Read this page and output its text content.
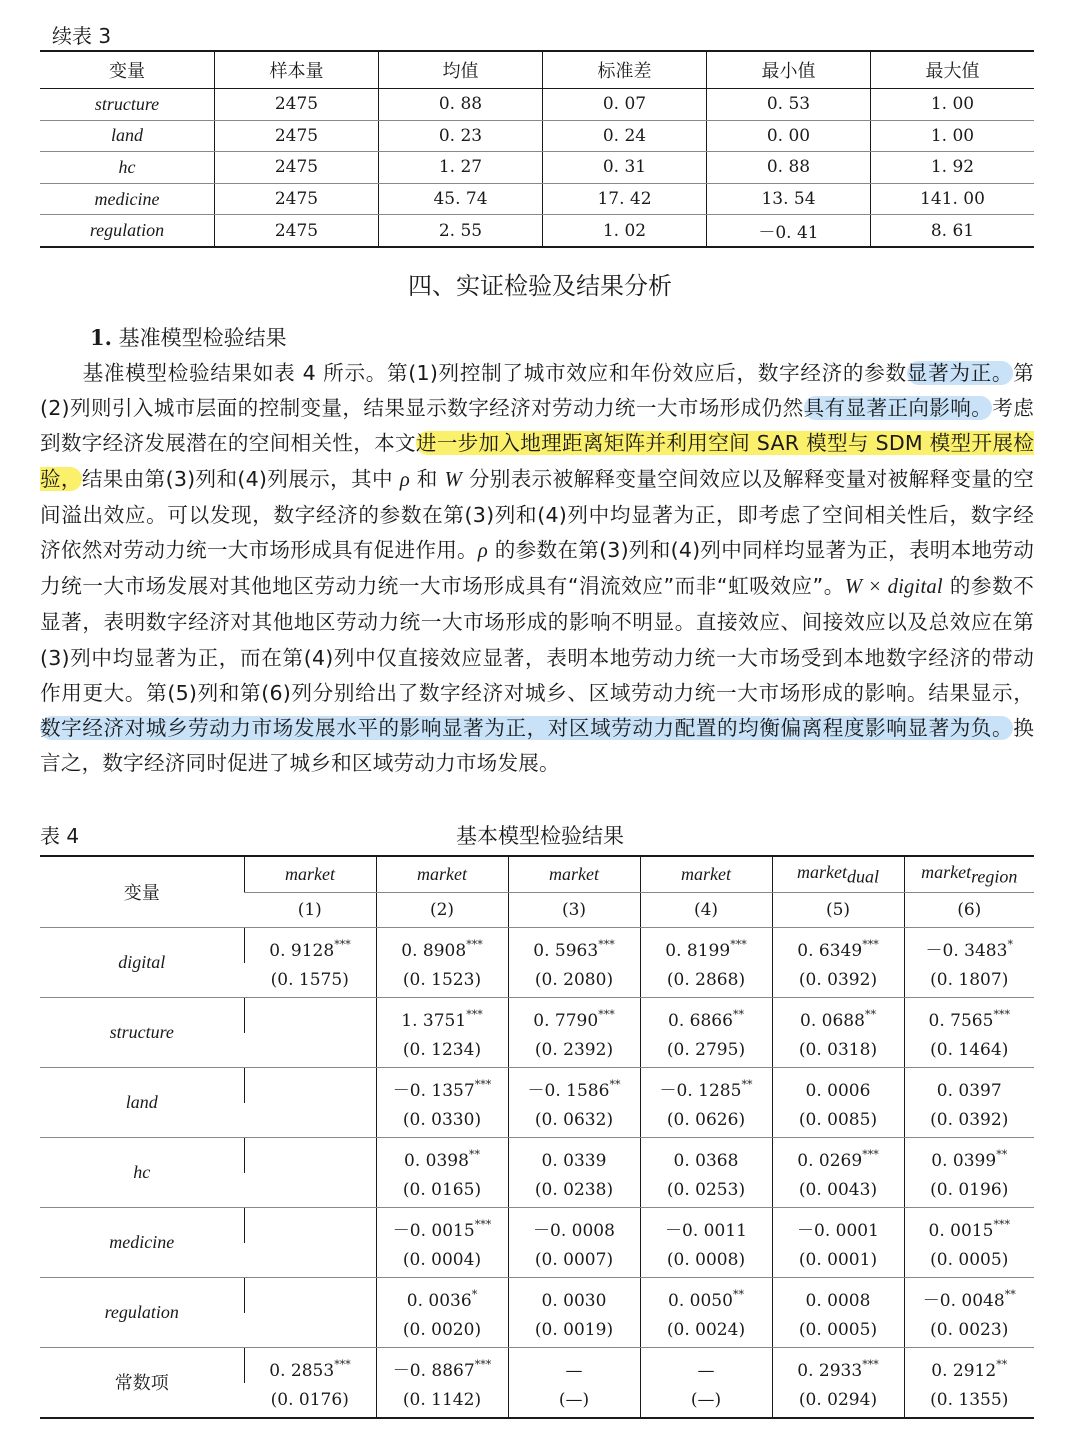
续表 3
变量	样本量	均值	标准差	最小值	最大值
structure	2475	0. 88	0. 07	0. 53	1. 00
land	2475	0. 23	0. 24	0. 00	1. 00
hc	2475	1. 27	0. 31	0. 88	1. 92
medicine	2475	45. 74	17. 42	13. 54	141. 00
regulation	2475	2. 55	1. 02	－0. 41	8. 61
四、实证检验及结果分析
1. 基准模型检验结果
　　基准模型检验结果如表 4 所示。第(1)列控制了城市效应和年份效应后，数字经济的参数显著为正。第(2)列则引入城市层面的控制变量，结果显示数字经济对劳动力统一大市场形成仍然具有显著正向影响。考虑到数字经济发展潜在的空间相关性，本文进一步加入地理距离矩阵并利用空间 SAR 模型与 SDM 模型开展检验，结果由第(3)列和(4)列展示，其中 ρ 和 W 分别表示被解释变量空间效应以及解释变量对被解释变量的空间溢出效应。可以发现，数字经济的参数在第(3)列和(4)列中均显著为正，即考虑了空间相关性后，数字经济依然对劳动力统一大市场形成具有促进作用。ρ 的参数在第(3)列和(4)列中同样均显著为正，表明本地劳动力统一大市场发展对其他地区劳动力统一大市场形成具有“涓流效应”而非“虹吸效应”。W × digital 的参数不显著，表明数字经济对其他地区劳动力统一大市场形成的影响不明显。直接效应、间接效应以及总效应在第(3)列中均显著为正，而在第(4)列中仅直接效应显著，表明本地劳动力统一大市场受到本地数字经济的带动作用更大。第(5)列和第(6)列分别给出了数字经济对城乡、区域劳动力统一大市场形成的影响。结果显示，数字经济对城乡劳动力市场发展水平的影响显著为正，对区域劳动力配置的均衡偏离程度影响显著为负。换言之，数字经济同时促进了城乡和区域劳动力市场发展。
表 4	基本模型检验结果
变量	market	market	market	market	market$_{dual}$	market$_{region}$
	(1)	(2)	(3)	(4)	(5)	(6)
digital	0. 9128***	0. 8908***	0. 5963***	0. 8199***	0. 6349***	－0. 3483*
	(0. 1575)	(0. 1523)	(0. 2080)	(0. 2868)	(0. 0392)	(0. 1807)
structure		1. 3751***	0. 7790***	0. 6866**	0. 0688**	0. 7565***
		(0. 1234)	(0. 2392)	(0. 2795)	(0. 0318)	(0. 1464)
land		－0. 1357***	－0. 1586**	－0. 1285**	0. 0006	0. 0397
		(0. 0330)	(0. 0632)	(0. 0626)	(0. 0085)	(0. 0392)
hc		0. 0398**	0. 0339	0. 0368	0. 0269***	0. 0399**
		(0. 0165)	(0. 0238)	(0. 0253)	(0. 0043)	(0. 0196)
medicine		－0. 0015***	－0. 0008	－0. 0011	－0. 0001	0. 0015***
		(0. 0004)	(0. 0007)	(0. 0008)	(0. 0001)	(0. 0005)
regulation		0. 0036*	0. 0030	0. 0050**	0. 0008	－0. 0048**
		(0. 0020)	(0. 0019)	(0. 0024)	(0. 0005)	(0. 0023)
常数项	0. 2853***	－0. 8867***	—	—	0. 2933***	0. 2912**
	(0. 0176)	(0. 1142)	(—)	(—)	(0. 0294)	(0. 1355)
